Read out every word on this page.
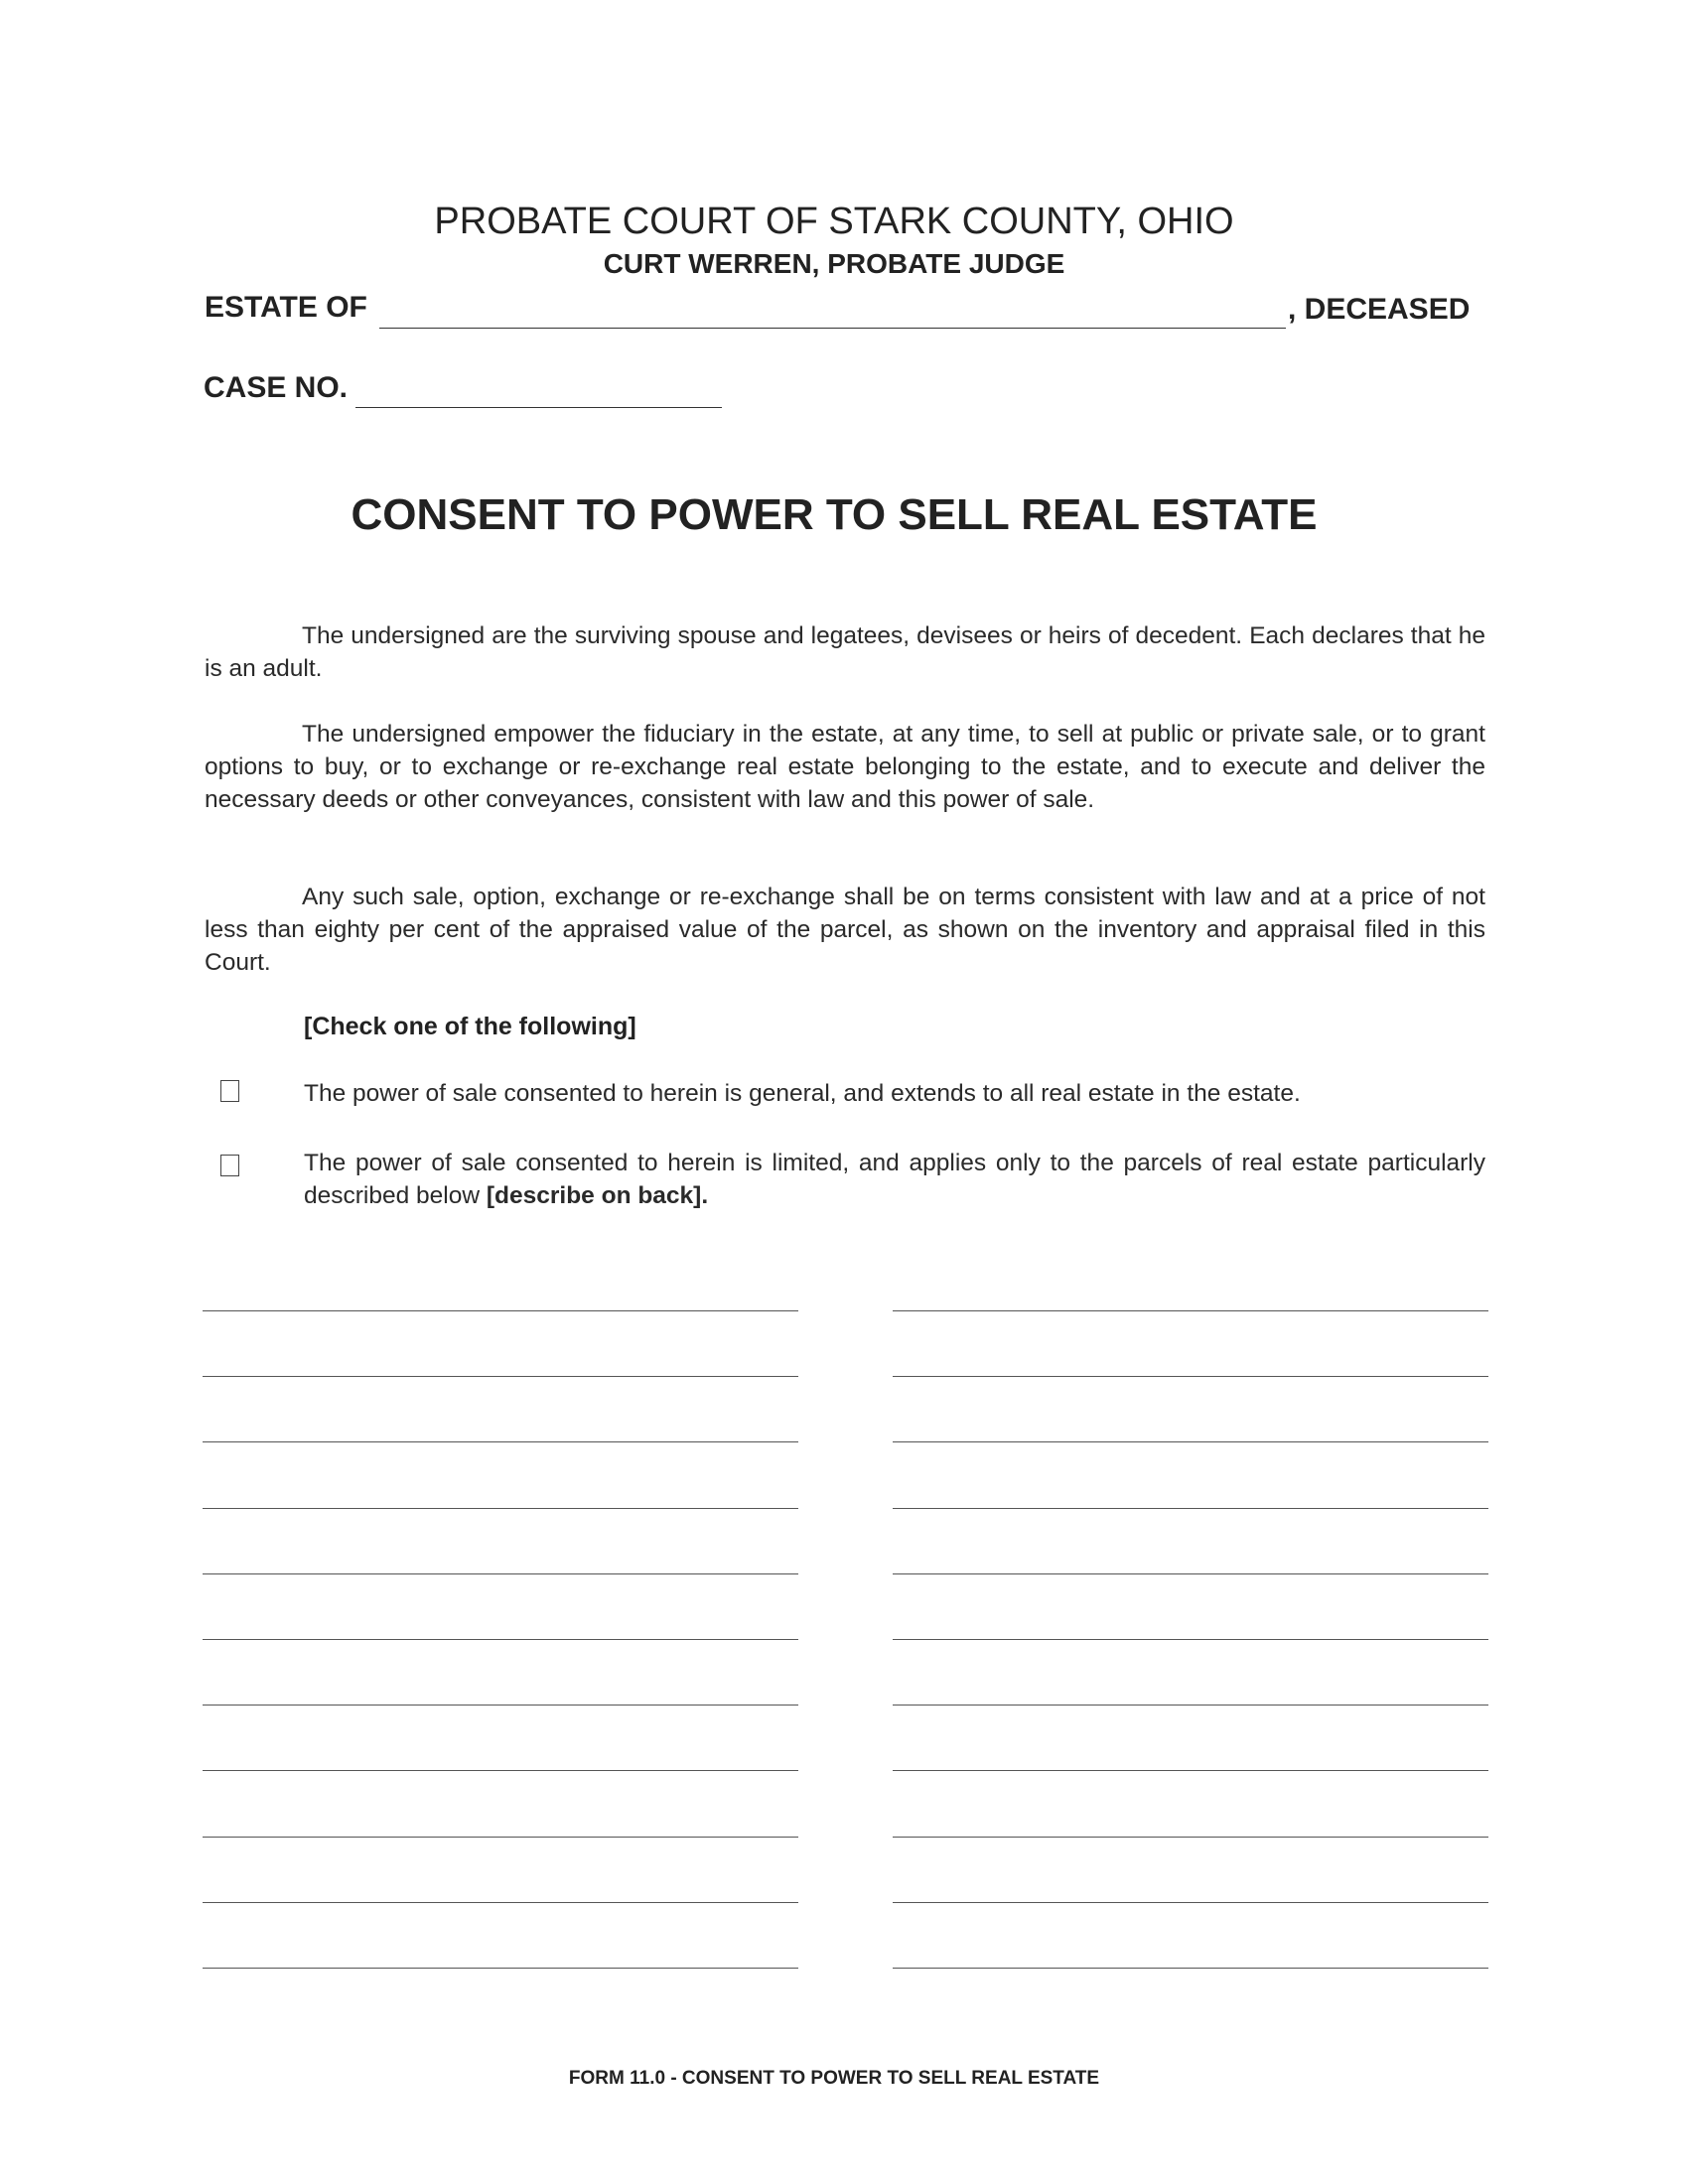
PROBATE COURT OF STARK COUNTY, OHIO
CURT WERREN, PROBATE JUDGE
ESTATE OF	, DECEASED
CASE NO.
CONSENT TO POWER TO SELL REAL ESTATE
The undersigned are the surviving spouse and legatees, devisees or heirs of decedent. Each declares that he is an adult.
The undersigned empower the fiduciary in the estate, at any time, to sell at public or private sale, or to grant options to buy, or to exchange or re-exchange real estate belonging to the estate, and to execute and deliver the necessary deeds or other conveyances, consistent with law and this power of sale.
Any such sale, option, exchange or re-exchange shall be on terms consistent with law and at a price of not less than eighty per cent of the appraised value of the parcel, as shown on the inventory and appraisal filed in this Court.
[Check one of the following]
The power of sale consented to herein is general, and extends to all real estate in the estate.
The power of sale consented to herein is limited, and applies only to the parcels of real estate particularly described below [describe on back].
FORM 11.0 - CONSENT TO POWER TO SELL REAL ESTATE
